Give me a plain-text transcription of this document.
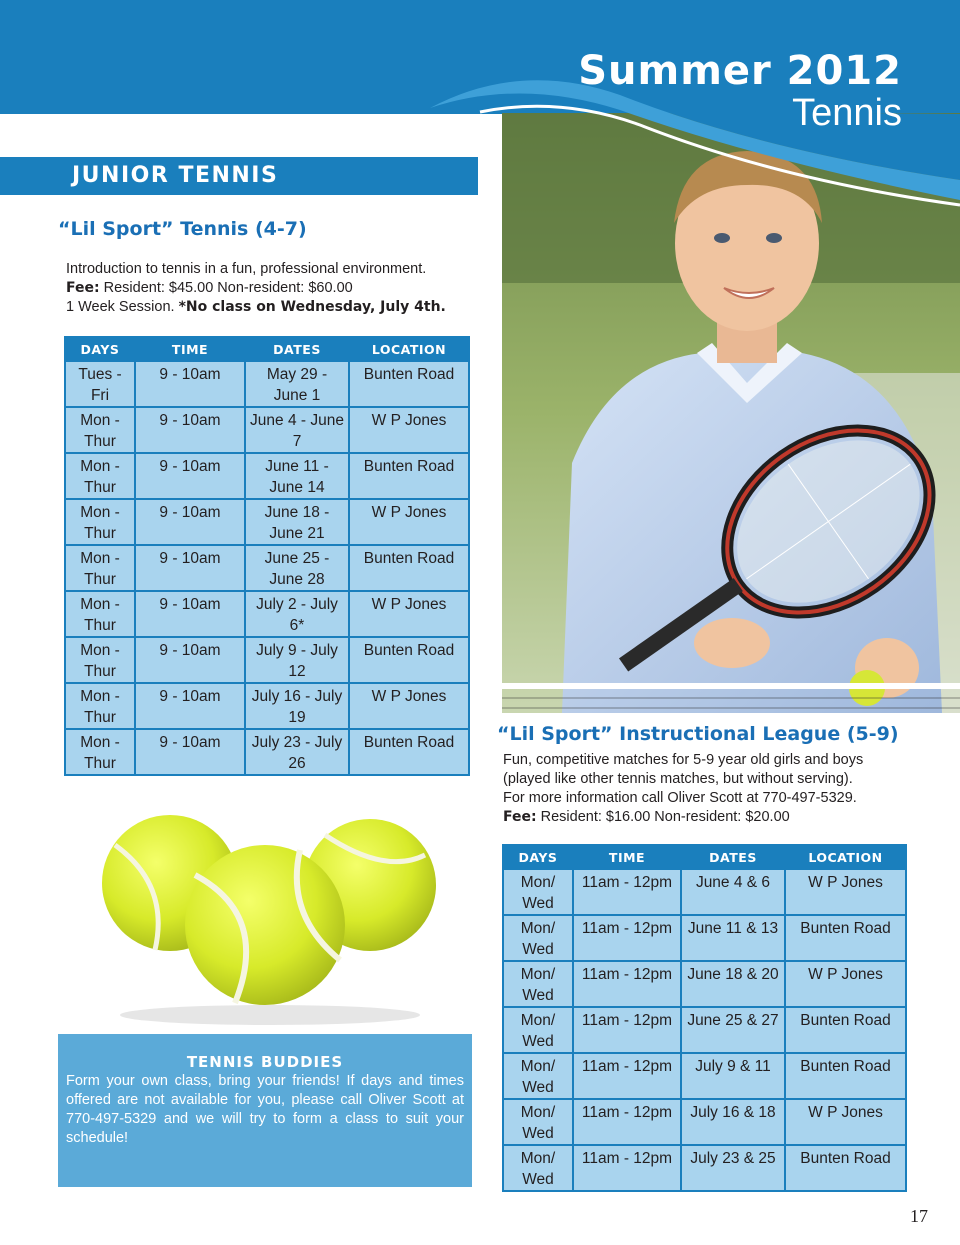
Summer 2012
Tennis
JUNIOR TENNIS
“Lil Sport” Tennis (4-7)
Introduction to tennis in a fun, professional environment.
Fee: Resident: $45.00 Non-resident: $60.00
1 Week Session. *No class on Wednesday, July 4th.
DAYS	TIME	DATES	LOCATION
Tues - Fri	9 - 10am	May 29 - June 1	Bunten Road
Mon - Thur	9 - 10am	June 4 - June 7	W P Jones
Mon - Thur	9 - 10am	June 11 - June 14	Bunten Road
Mon - Thur	9 - 10am	June 18 - June 21	W P Jones
Mon - Thur	9 - 10am	June 25 - June 28	Bunten Road
Mon - Thur	9 - 10am	July 2 - July 6*	W P Jones
Mon - Thur	9 - 10am	July 9 - July 12	Bunten Road
Mon - Thur	9 - 10am	July 16 - July 19	W P Jones
Mon - Thur	9 - 10am	July 23 - July 26	Bunten Road
TENNIS BUDDIES
Form your own class, bring your friends! If days and times offered are not available for you, please call Oliver Scott at 770-497-5329 and we will try to form a class to suit your schedule!
“Lil Sport” Instructional League (5-9)
Fun, competitive matches for 5-9 year old girls and boys
(played like other tennis matches, but without serving).
For more information call Oliver Scott at 770-497-5329.
Fee: Resident: $16.00 Non-resident: $20.00
DAYS	TIME	DATES	LOCATION
Mon/ Wed	11am - 12pm	June 4 & 6	W P Jones
Mon/ Wed	11am - 12pm	June 11 & 13	Bunten Road
Mon/ Wed	11am - 12pm	June 18 & 20	W P Jones
Mon/ Wed	11am - 12pm	June 25 & 27	Bunten Road
Mon/ Wed	11am - 12pm	July 9 & 11	Bunten Road
Mon/ Wed	11am - 12pm	July 16 & 18	W P Jones
Mon/ Wed	11am - 12pm	July 23 & 25	Bunten Road
17
